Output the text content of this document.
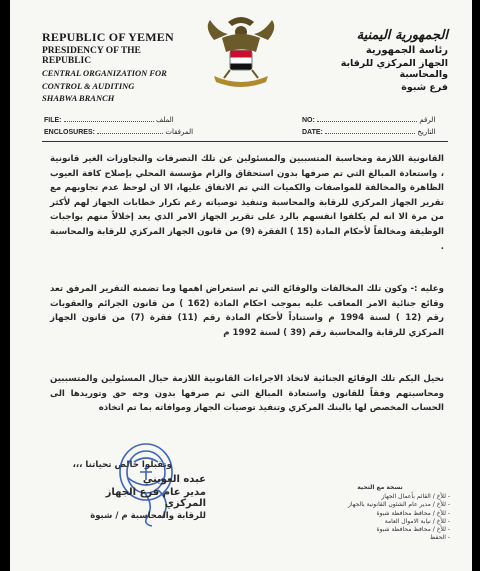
REPUBLIC OF YEMEN
PRESIDENCY OF THE REPUBLIC
CENTRAL ORGANIZATION FOR
CONTROL & AUDITING
SHABWA BRANCH
الجمهورية اليمنية
رئاسة الجمهورية
الجهاز المركزي للرقابة والمحاسبة
فرع شبوة
FILE:	الملف
ENCLOSURES:	المرفقات
NO:	الرقم
DATE:	التاريخ
القانونية اللازمة ومحاسبة المتسببين والمسئولين عن تلك التصرفات والتجاوزات الغير قانونية ، واستعادة المبالغ التي تم صرفها بدون استحقاق والزام مؤسسة المحلي بإصلاح كافة العيوب الظاهرة والمخالفة للمواصفات والكميات التي تم الاتفاق عليها، الا ان لوحظ عدم تجاوبهم مع تقرير الجهاز المركزي للرقابة والمحاسبة وتنفيذ توصياته رغم تكرار خطابات الجهاز لهم لأكثر من مرة الا انه لم يكلفوا انفسهم بالرد على تقرير الجهاز الامر الذي يعد إخلالاً منهم بواجبات الوظيفة ومخالفاً لأحكام المادة (15 ) الفقرة (9) من قانون الجهاز المركزي للرقابة والمحاسبة .
وعليه :- وكون تلك المخالفات والوقائع التي تم استعراض اهمها وما تضمنه التقرير المرفق تعد وقائع جنائية الامر المعاقب عليه بموجب احكام المادة (162 ) من قانون الجرائم والعقوبات رقم (12 ) لسنة 1994 م واستناداً لأحكام المادة رقم (11) فقرة (7) من قانون الجهاز المركزي للرقابة والمحاسبة رقم (39 ) لسنة 1992 م
نحيل اليكم تلك الوقائع الجنائية لاتخاذ الاجراءات القانونية اللازمة حيال المسئولين والمتسببين ومحاسبتهم وفقاً للقانون واستعادة المبالغ التي تم صرفها بدون وجه حق وتوريدها الى الحساب المخصص لها بالبنك المركزي وتنفيذ توصيات الجهاز وموافاته بما تم اتخاذه
وتقبلوا خالص تحياتنا ،،،
عبده العويني
مدير عام فرع الجهاز المركزي
للرقابة والمحاسبة م / شبوة
نسخة مع التحية
- للأخ / القائم بأعمال الجهاز
- للأخ / مدير عام الشئون القانونية بالجهاز
- للأخ / محافظ محافظة شبوة
- للأخ / نيابة الاموال العامة
- للأخ / محافظ محافظة شبوة
- الحفظ
